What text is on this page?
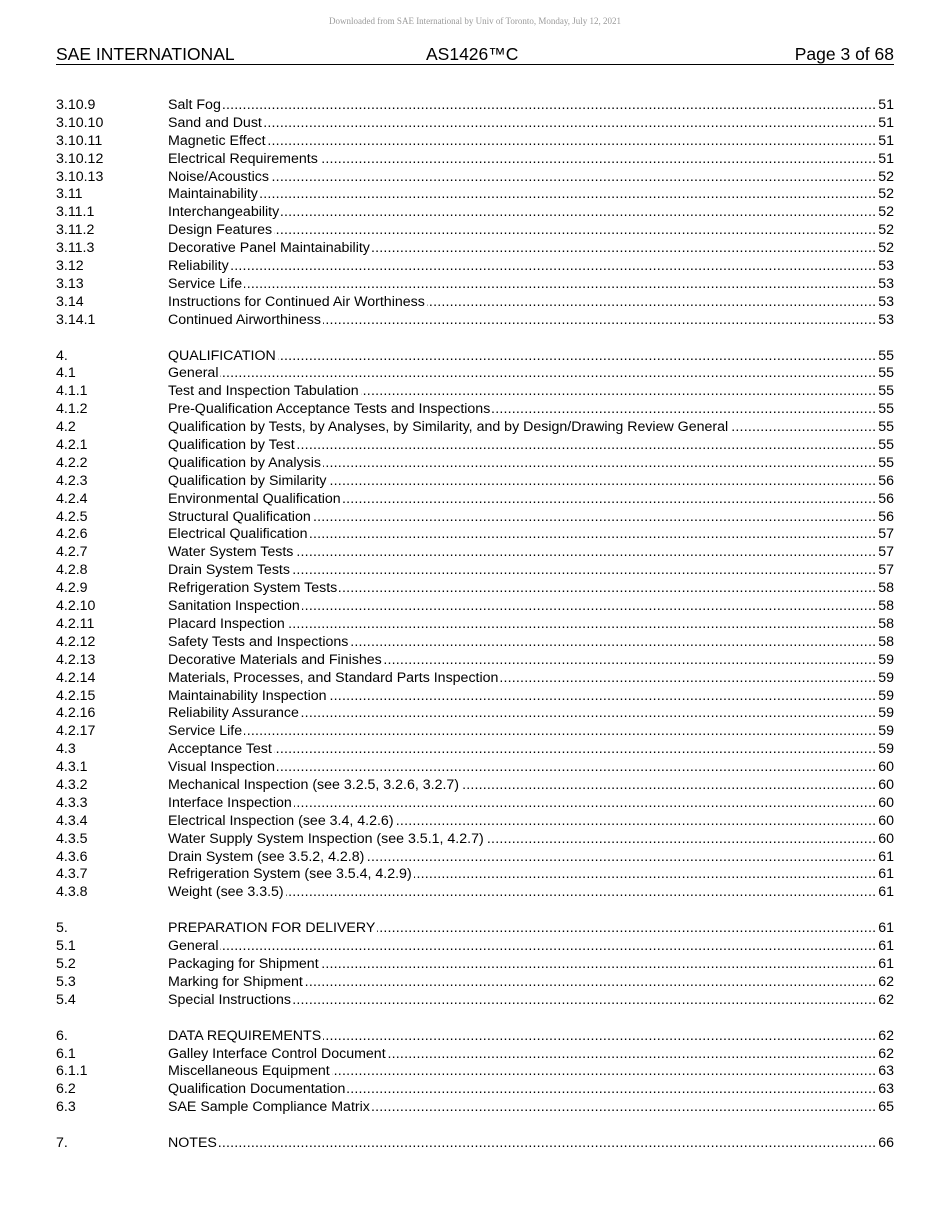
Downloaded from SAE International by Univ of Toronto, Monday, July 12, 2021
SAE INTERNATIONAL	AS1426™C	Page 3 of 68
3.10.9	Salt Fog .....	51
3.10.10	Sand and Dust .....	51
3.10.11	Magnetic Effect .....	51
3.10.12	Electrical Requirements .....	51
3.10.13	Noise/Acoustics .....	52
3.11	Maintainability .....	52
3.11.1	Interchangeability .....	52
3.11.2	Design Features .....	52
3.11.3	Decorative Panel Maintainability .....	52
3.12	Reliability .....	53
3.13	Service Life .....	53
3.14	Instructions for Continued Air Worthiness .....	53
3.14.1	Continued Airworthiness .....	53
4.	QUALIFICATION .....	55
4.1	General .....	55
4.1.1	Test and Inspection Tabulation .....	55
4.1.2	Pre-Qualification Acceptance Tests and Inspections .....	55
4.2	Qualification by Tests, by Analyses, by Similarity, and by Design/Drawing Review General .....	55
4.2.1	Qualification by Test .....	55
4.2.2	Qualification by Analysis .....	55
4.2.3	Qualification by Similarity .....	56
4.2.4	Environmental Qualification .....	56
4.2.5	Structural Qualification .....	56
4.2.6	Electrical Qualification .....	57
4.2.7	Water System Tests .....	57
4.2.8	Drain System Tests .....	57
4.2.9	Refrigeration System Tests .....	58
4.2.10	Sanitation Inspection .....	58
4.2.11	Placard Inspection .....	58
4.2.12	Safety Tests and Inspections .....	58
4.2.13	Decorative Materials and Finishes .....	59
4.2.14	Materials, Processes, and Standard Parts Inspection .....	59
4.2.15	Maintainability Inspection .....	59
4.2.16	Reliability Assurance .....	59
4.2.17	Service Life .....	59
4.3	Acceptance Test .....	59
4.3.1	Visual Inspection .....	60
4.3.2	Mechanical Inspection (see 3.2.5, 3.2.6, 3.2.7) .....	60
4.3.3	Interface Inspection .....	60
4.3.4	Electrical Inspection (see 3.4, 4.2.6) .....	60
4.3.5	Water Supply System Inspection (see 3.5.1, 4.2.7) .....	60
4.3.6	Drain System (see 3.5.2, 4.2.8) .....	61
4.3.7	Refrigeration System (see 3.5.4, 4.2.9) .....	61
4.3.8	Weight (see 3.3.5) .....	61
5.	PREPARATION FOR DELIVERY .....	61
5.1	General .....	61
5.2	Packaging for Shipment .....	61
5.3	Marking for Shipment .....	62
5.4	Special Instructions .....	62
6.	DATA REQUIREMENTS .....	62
6.1	Galley Interface Control Document .....	62
6.1.1	Miscellaneous Equipment .....	63
6.2	Qualification Documentation .....	63
6.3	SAE Sample Compliance Matrix .....	65
7.	NOTES .....	66
